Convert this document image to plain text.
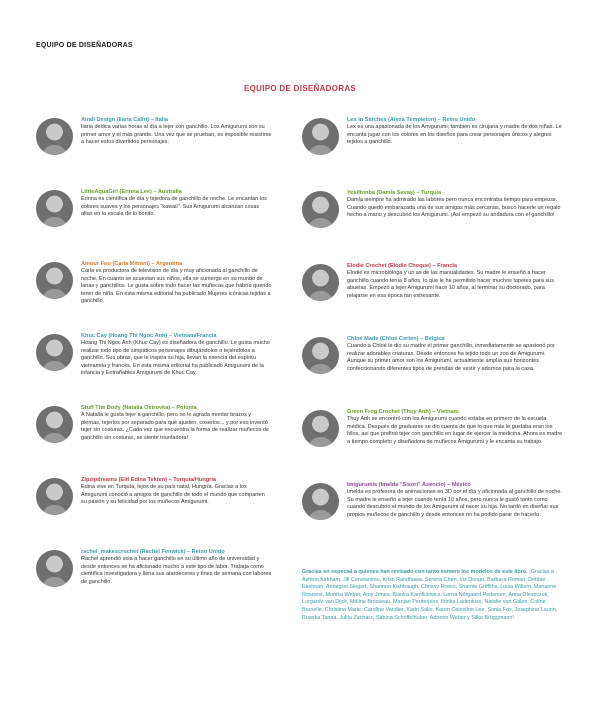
EQUIPO DE DISEÑADORAS
EQUIPO DE DISEÑADORAS
Airali Design (Ilaria Caliri) – Italia

Ilaria dedica varias horas al día a tejer con ganchillo. Los Amigurumi son su primer amor y el más grande. Una vez que se prueban, es imposible resistirse a hacer estos divertidos personajes.

LittleAquaGirl (Erinna Lee) – Australia

Erinna es científica de día y tejedora de ganchillo de noche. Le encantan los colores suaves y los personajes "kawaii". Sus Amigurumi alcanzan cosas altas en la escala de lo bonito.

Amour Fou (Carla Mitrani) – Argentina

Carla es productora de televisión de día y muy aficionada al ganchillo de noche. En cuanto se acuestan sus niños, ella se sumerge en su mundo de lanas y ganchillos. Le gusta sobre todo hacer las muñecas que habría querido tener de niña. En esta misma editorial ha publicado Mujeres icónicas tejidas a ganchillo.

Khuc Cay (Hoang Thi Ngoc Anh) – Vietnam/Francia

Hoang Thi Ngoc Anh (Khuc Cay) es diseñadora de ganchillo. Le gusta mucho realizar todo tipo de simpáticos personajes dibujándolos o tejiéndolos a ganchillo. Sus obras, que le inspira su hija, llevan la esencia del espíritu vietnamita y francés. En esta misma editorial ha publicado Amigurumi de la infancia y Entrañables Amigurumi de Khuc Cay.

Stuff The Body (Natalia Ostrovka) – Polonia

A Natalia le gusta tejer a ganchillo, pero no le agrada montar brazos y piernas, tejerlos por separado para que ajusten, coserlos... y por eso inventó tejer sin costuras. ¿Cada vez que encuentra la forma de realizar muñecos de ganchillo sin costuras, se siente triunfadora!

Zipzipdreams (Elif Edina Tekten) – Turquía/Hungría

Edina vive en Turquía, lejos de su país natal, Hungría. Gracias a los Amigurumi conoció a amigos de ganchillo de todo el mundo que comparten su pasión y su felicidad por los muñecos Amigurumi.

rachel_makescrochet (Rachel Fenwick) – Reino Unido

Rachel aprendió sola a hacer ganchillo en su último año de universidad y desde entonces se ha aficionado mucho a este tipo de labor. Trabaja como científica investigadora y llena sus atardeceres y fines de semana con labores de ganchillo.

Lex in Stitches (Alexa Templeton) – Reino Unido

Lex es una apasionada de los Amigurumi; también es cirujana y madre de dos niñas. Le encanta jugar con los colores en los diseños para crear personajes únicos y alegres tejidos a ganchillo.

Yesiltonba (Damla Savaş) – Turquía

Damla siempre ha admirado las labores pero nunca encontraba tiempo para empezar. Cuando quedó embarazada una de sus amigas más cercanas, buscó hacerle un regalo hecho a mano y descubrió los Amigurumi. ¡Así empezó su andadura con el ganchillo!

Elodie Crochet (Elodie Choque) – Francia

Elodie es microbióloga y un as de las manualidades. Su madre le enseñó a hacer ganchillo cuando tenía 8 años, lo que le ha permitido hacer muchos tapetes para sus abuelas. Empezó a tejer Amigurumi hace 10 años, al terminar su doctorado, para relajarse en esa época tan estresante.

Chloé Made (Chloé Certen) – Bélgica

Cuando a Chloé le dio su madre el primer ganchillo, inmediatamente se apasionó por realizar adorables criaturas. Desde entonces ha tejido todo un zoo de Amigurumi. Aunque su primer amor son los Amigurumi, actualmente amplía sus horizontes confeccionando diferentes tipos de prendas de vestir y adornos para la casa.

Green Frog Crochet (Thuy Anh) – Vietnam

Thuy Anh se encontró con los Amigurumi cuando estaba en primero de la escuela médica. Después de graduarse se dio cuenta de que lo que más le gustaba eran los hilos, así que prefirió tejer con ganchillo en lugar de ejercer la medicina. Ahora es madre a tiempo completo y diseñadora de muñecos Amigurumi y le encanta su trabajo.

Imigurumis (Imelda "Sisori" Asencio) – México

Imelda es profesora de animaciones en 3D por el día y aficionada al ganchillo de noche. Su madre le enseñó a tejer cuando tenía 10 años, pero nunca le gustó tanto como cuando descubrió el mundo de los Amigurumi al nacer su hija. No tardó en diseñar sus propios muñecos de ganchillo y desde entonces no ha podido parar de hacerlo.

Gracias en especial a quienes han revisado con tanto esmero los modelos de este libro. ¡Gracias a Ashton Kirkham, Jill Constantino, Kristi Randhawa, Serena Chen, Iris Dongo, Barbara Roman, Debbie Eastman, Annegret Siegert, Shannon Kishbaugh, Chrissy Rivers, Sharnie Griffiths, Luisa Willem, Marianne Rosqvist, Monika Weber, Amy Jones, Bianka Karolkiewicz, Lorna Nörgaard Pedersen, Anna Oleszczuk, Lurgardo van Dijck, Méline Brosseau, Marijan Peuterjens, Ilonka Ladeniuss, Natalie van Galen, Coline Brunelle, Christina Marie, Caroline Vandier, Kadri Saks, Karen Celestine Lee, Sonia Fox, Josephine Laurin, Ruaska Tanaa, Julita Zacharz, Sabina Schöffelhuber, Adrienn Weber y Silke Brüggmann!
